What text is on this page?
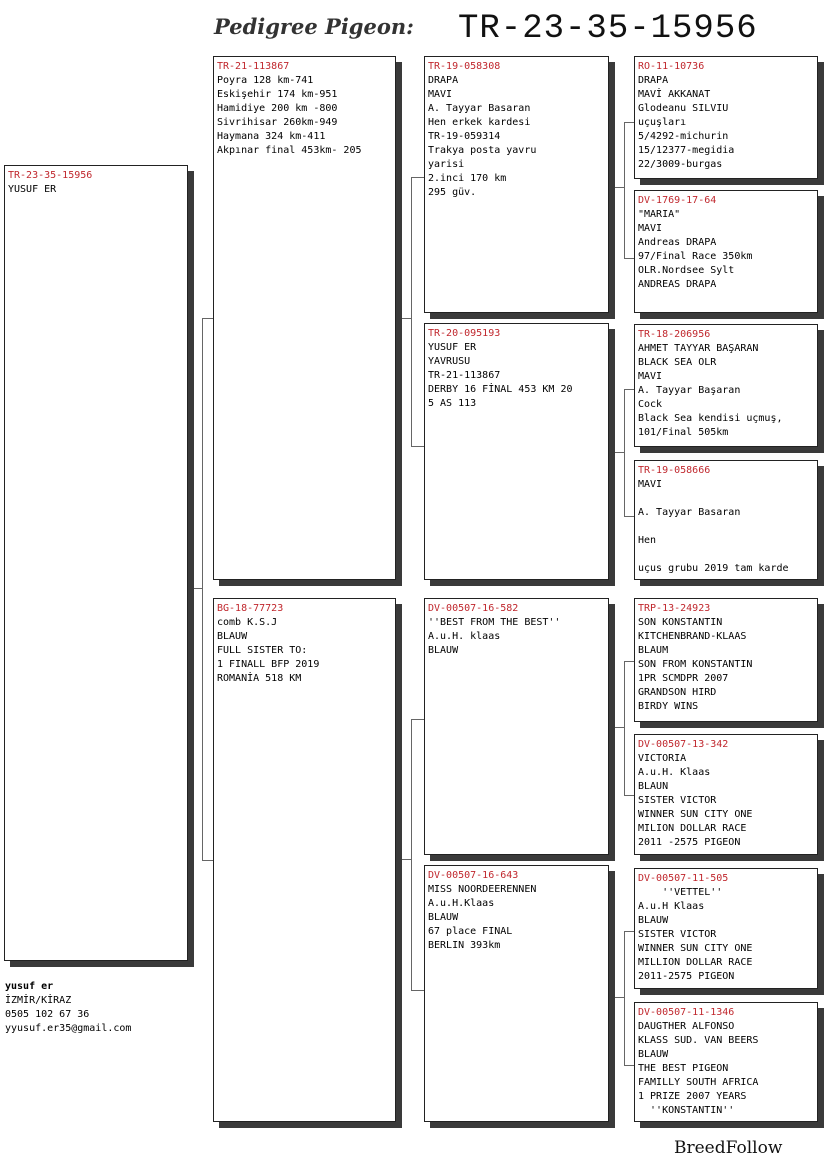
Pedigree Pigeon: TR-23-35-15956
TR-23-35-15956
YUSUF ER
TR-21-113867
Poyra 128 km-741
Eskişehir 174 km-951
Hamidiye 200 km -800
Sivrihisar 260km-949
Haymana 324 km-411
Akpınar final 453km- 205
BG-18-77723
comb K.S.J
BLAUW
FULL SISTER TO:
1 FINALL BFP 2019
ROMANİA 518 KM
TR-19-058308
DRAPA
MAVI
A. Tayyar Basaran
Hen erkek kardesi
TR-19-059314
Trakya posta yavru
yarisi
2.inci 170 km
295 güv.
TR-20-095193
YUSUF ER
YAVRUSU
TR-21-113867
DERBY 16 FİNAL 453 KM 20
5 AS 113
DV-00507-16-582
''BEST FROM THE BEST''
A.u.H. klaas
BLAUW
DV-00507-16-643
MISS NOORDEERENNEN
A.u.H.Klaas
BLAUW
67 place FINAL
BERLIN 393km
RO-11-10736
DRAPA
MAVİ AKKANAT
Glodeanu SILVIU
uçuşları
5/4292-michurin
15/12377-megidia
22/3009-burgas
DV-1769-17-64
"MARIA"
MAVI
Andreas DRAPA
97/Final Race 350km
OLR.Nordsee Sylt
ANDREAS DRAPA
TR-18-206956
AHMET TAYYAR BAŞARAN
BLACK SEA OLR
MAVI
A. Tayyar Başaran
Cock
Black Sea kendisi uçmuş,
101/Final 505km
TR-19-058666
MAVI
A. Tayyar Basaran
Hen
uçus grubu 2019 tam karde
TRP-13-24923
SON KONSTANTIN
KITCHENBRAND-KLAAS
BLAUM
SON FROM KONSTANTIN
1PR SCMDPR 2007
GRANDSON HIRD
BIRDY WINS
DV-00507-13-342
VICTORIA
A.u.H. Klaas
BLAUN
SISTER VICTOR
WINNER SUN CITY ONE
MILION DOLLAR RACE
2011 -2575 PIGEON
DV-00507-11-505
''VETTEL''
A.u.H Klaas
BLAUW
SISTER VICTOR
WINNER SUN CITY ONE
MILLION DOLLAR RACE
2011-2575 PIGEON
DV-00507-11-1346
DAUGTHER ALFONSO
KLASS SUD. VAN BEERS
BLAUW
THE BEST PIGEON
FAMILLY SOUTH AFRICA
1 PRIZE 2007 YEARS
''KONSTANTIN''
yusuf er
İZMİR/KİRAZ
0505 102 67 36
yyusuf.er35@gmail.com
BreedFollow
